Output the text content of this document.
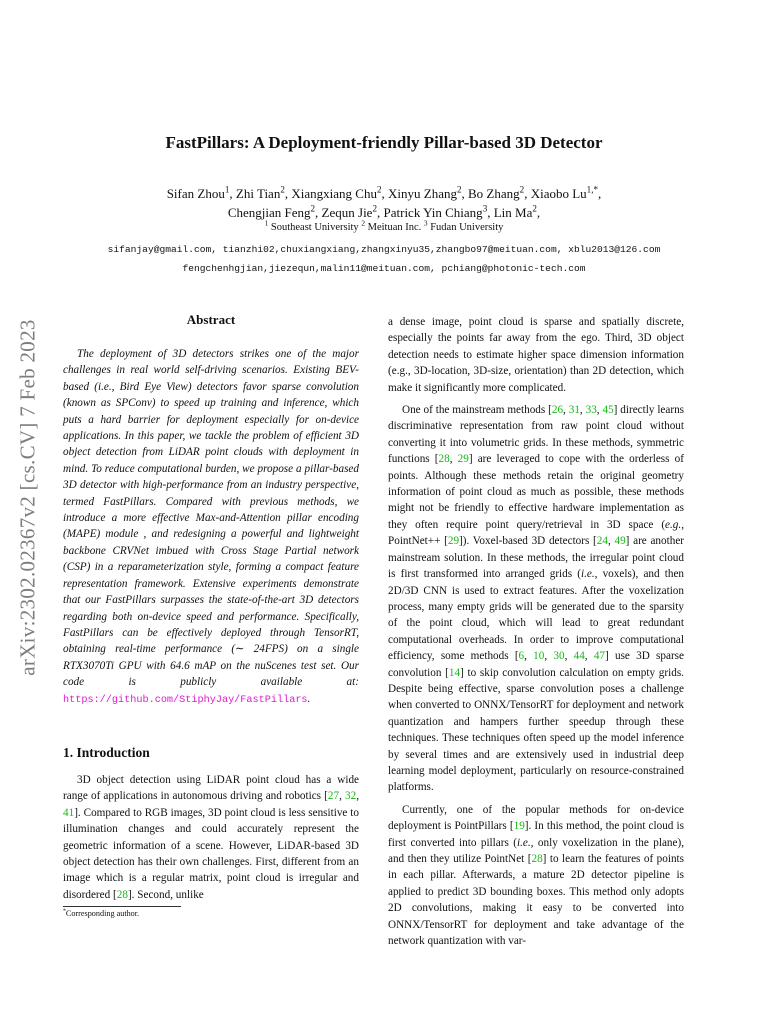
arXiv:2302.02367v2 [cs.CV] 7 Feb 2023
FastPillars: A Deployment-friendly Pillar-based 3D Detector
Sifan Zhou$^1$, Zhi Tian$^2$, Xiangxiang Chu$^2$, Xinyu Zhang$^2$, Bo Zhang$^2$, Xiaobo $Lu^{1,*}$,
Chengjian Feng$^2$, Zequn Jie$^2$, Patrick Yin Chiang$^3$, Lin Ma$^2$,
$^1$ Southeast University $^2$ Meituan Inc. $^3$ Fudan University
sifanjay@gmail.com, tianzhi02,chuxiangxiang,zhangxinyu35,zhangbo97@meituan.com, xblu2013@126.com
fengchenhgjian,jiezequn,malin11@meituan.com, pchiang@photonic-tech.com
Abstract

The deployment of 3D detectors strikes one of the major challenges in real world self-driving scenarios. Existing BEV-based (i.e., Bird Eye View) detectors favor sparse convolution (known as SPConv) to speed up training and inference, which puts a hard barrier for deployment especially for on-device applications. In this paper, we tackle the problem of efficient 3D object detection from LiDAR point clouds with deployment in mind. To reduce computational burden, we propose a pillar-based 3D detector with high-performance from an industry perspective, termed FastPillars. Compared with previous methods, we introduce a more effective Max-and-Attention pillar encoding (MAPE) module , and redesigning a powerful and lightweight backbone CRVNet imbued with Cross Stage Partial network (CSP) in a reparameterization style, forming a compact feature representation framework. Extensive experiments demonstrate that our FastPillars surpasses the state-of-the-art 3D detectors regarding both on-device speed and performance. Specifically, FastPillars can be effectively deployed through TensorRT, obtaining real-time performance (∼ 24FPS) on a single RTX3070Ti GPU with 64.6 mAP on the nuScenes test set. Our code is publicly available at: https://github.com/StiphyJay/FastPillars.

1. Introduction

3D object detection using LiDAR point cloud has a wide range of applications in autonomous driving and robotics [27, 32, 41]. Compared to RGB images, 3D point cloud is less sensitive to illumination changes and could accurately represent the geometric information of a scene. However, LiDAR-based 3D object detection has their own challenges. First, different from an image which is a regular matrix, point cloud is irregular and disordered [28]. Second, unlike

a dense image, point cloud is sparse and spatially discrete, especially the points far away from the ego. Third, 3D object detection needs to estimate higher space dimension information (e.g., 3D-location, 3D-size, orientation) than 2D detection, which make it significantly more complicated.

One of the mainstream methods [26, 31, 33, 45] directly learns discriminative representation from raw point cloud without converting it into volumetric grids. In these methods, symmetric functions [28, 29] are leveraged to cope with the orderless of points. Although these methods retain the original geometry information of point cloud as much as possible, these methods might not be friendly to effective hardware implementation as they often require point query/retrieval in 3D space (e.g., PointNet++ [29]). Voxel-based 3D detectors [24, 49] are another mainstream solution. In these methods, the irregular point cloud is first transformed into arranged grids (i.e., voxels), and then 2D/3D CNN is used to extract features. After the voxelization process, many empty grids will be generated due to the sparsity of the point cloud, which will lead to great redundant computational overheads. In order to improve computational efficiency, some methods [6, 10, 30, 44, 47] use 3D sparse convolution [14] to skip convolution calculation on empty grids. Despite being effective, sparse convolution poses a challenge when converted to ONNX/TensorRT for deployment and network quantization and hampers further speedup through these techniques. These techniques often speed up the model inference by several times and are extensively used in industrial deep learning model deployment, particularly on resource-constrained platforms.

Currently, one of the popular methods for on-device deployment is PointPillars [19]. In this method, the point cloud is first converted into pillars (i.e., only voxelization in the plane), and then they utilize PointNet [28] to learn the features of points in each pillar. Afterwards, a mature 2D detector pipeline is applied to predict 3D bounding boxes. This method only adopts 2D convolutions, making it easy to be converted into ONNX/TensorRT for deployment and take advantage of the network quantization with var-

*Corresponding author.
